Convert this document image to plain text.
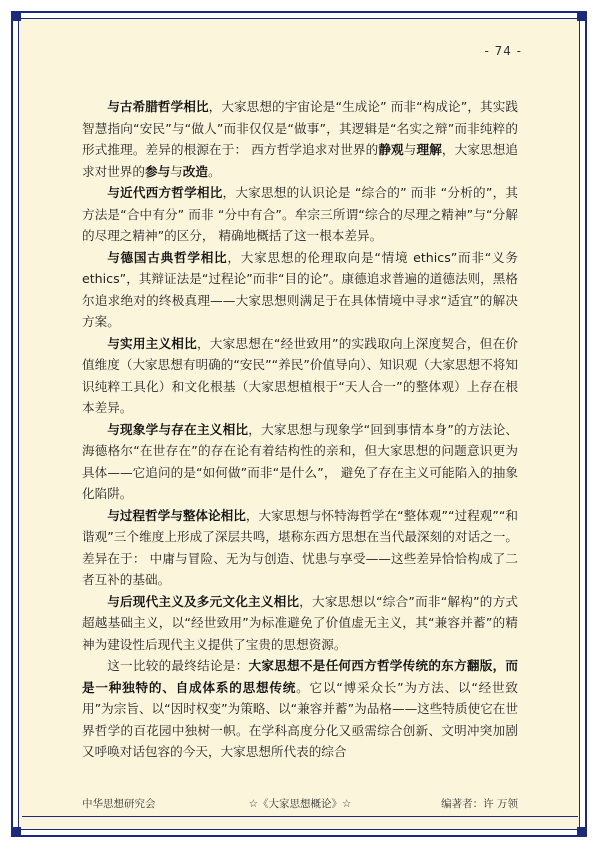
- 74 -

与古希腊哲学相比，大家思想的宇宙论是“生成论” 而非“构成论”，其实践智慧指向“安民”与“做人”而非仅仅是“做事”，其逻辑是“名实之辩”而非纯粹的形式推理。差异的根源在于： 西方哲学追求对世界的静观与理解，大家思想追求对世界的参与与改造。

与近代西方哲学相比，大家思想的认识论是 “综合的” 而非 “分析的”，其方法是“合中有分” 而非 “分中有合”。牟宗三所谓“综合的尽理之精神”与“分解的尽理之精神”的区分， 精确地概括了这一根本差异。

与德国古典哲学相比，大家思想的伦理取向是“情境 ethics”而非“义务 ethics”，其辩证法是“过程论”而非“目的论”。康德追求普遍的道德法则，黑格尔追求绝对的终极真理——大家思想则满足于在具体情境中寻求“适宜”的解决方案。

与实用主义相比，大家思想在“经世致用”的实践取向上深度契合，但在价值维度（大家思想有明确的“安民”“养民”价值导向）、知识观（大家思想不将知识纯粹工具化）和文化根基（大家思想植根于“天人合一”的整体观）上存在根本差异。

与现象学与存在主义相比，大家思想与现象学“回到事情本身”的方法论、海德格尔“在世存在”的存在论有着结构性的亲和，但大家思想的问题意识更为具体——它追问的是“如何做”而非“是什么”， 避免了存在主义可能陷入的抽象化陷阱。

与过程哲学与整体论相比，大家思想与怀特海哲学在“整体观”“过程观”“和谐观”三个维度上形成了深层共鸣，堪称东西方思想在当代最深刻的对话之一。差异在于： 中庸与冒险、无为与创造、忧患与享受——这些差异恰恰构成了二者互补的基础。

与后现代主义及多元文化主义相比，大家思想以“综合”而非“解构”的方式超越基础主义，以“经世致用”为标准避免了价值虚无主义，其“兼容并蓄”的精神为建设性后现代主义提供了宝贵的思想资源。

这一比较的最终结论是：大家思想不是任何西方哲学传统的东方翻版，而是一种独特的、自成体系的思想传统。它以“博采众长”为方法、以“经世致用”为宗旨、以“因时权变”为策略、以“兼容并蓄”为品格——这些特质使它在世界哲学的百花园中独树一帜。在学科高度分化又亟需综合创新、文明冲突加剧又呼唤对话包容的今天，大家思想所代表的综合

中华思想研究会	☆《大家思想概论》☆	编著者：许 万领
